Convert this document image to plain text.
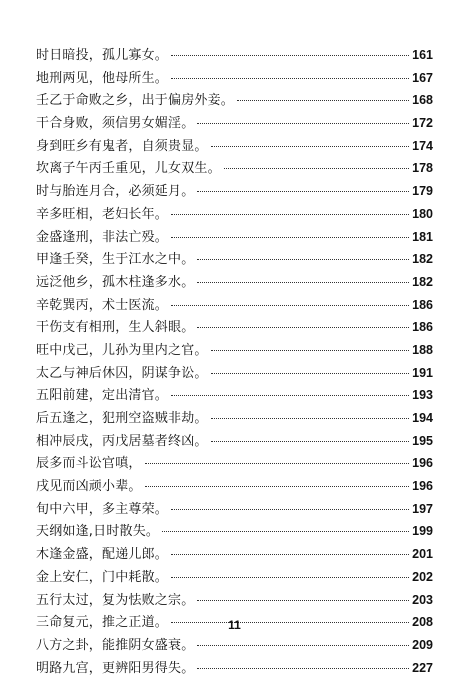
时日暗投，孤儿寡女。	161
地刑两见，他母所生。	167
壬乙于命败之乡，出于偏房外妾。	168
干合身败，须信男女媚淫。	172
身到旺乡有鬼者，自须贵显。	174
坎离子午丙壬重见，儿女双生。	178
时与胎连月合，必须延月。	179
辛多旺相，老妇长年。	180
金盛逢刑，非法亡殁。	181
甲逢壬癸，生于江水之中。	182
远泛他乡，孤木柱逢多水。	182
辛乾巽丙，术士医流。	186
干伤支有相刑，生人斜眼。	186
旺中戊己，儿孙为里内之官。	188
太乙与神后休囚，阴谋争讼。	191
五阳前建，定出清官。	193
后五逢之，犯刑空盗贼非劫。	194
相冲辰戌，丙戊居墓者终凶。	195
辰多而斗讼官嗔，	196
戌见而凶顽小辈。	196
旬中六甲，多主尊荣。	197
天纲如逢,日时散失。	199
木逢金盛，配递儿郎。	201
金上安仁，门中耗散。	202
五行太过，复为怯败之宗。	203
三命复元，推之正道。	208
八方之卦，能推阴女盛衰。	209
明路九宫，更辨阳男得失。	227
11
